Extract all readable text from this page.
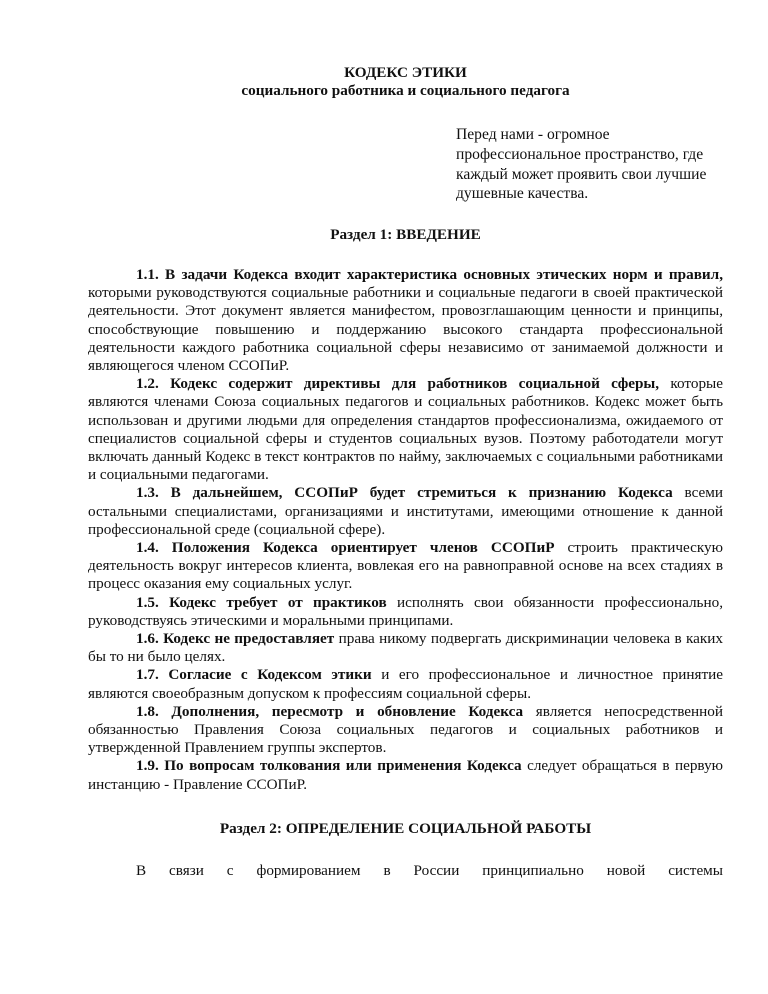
КОДЕКС ЭТИКИ

социального работника и социального педагога

Перед нами - огромное профессиональное пространство, где каждый может проявить свои лучшие душевные качества.

Раздел 1: ВВЕДЕНИЕ

1.1. В задачи Кодекса входит характеристика основных этических норм и правил, которыми руководствуются социальные работники и социальные педагоги в своей практической деятельности. Этот документ является манифестом, провозглашающим ценности и принципы, способствующие повышению и поддержанию высокого стандарта профессиональной деятельности каждого работника социальной сферы независимо от занимаемой должности и являющегося членом ССОПиР.

1.2. Кодекс содержит директивы для работников социальной сферы, которые являются членами Союза социальных педагогов и социальных работников. Кодекс может быть использован и другими людьми для определения стандартов профессионализма, ожидаемого от специалистов социальной сферы и студентов социальных вузов. Поэтому работодатели могут включать данный Кодекс в текст контрактов по найму, заключаемых с социальными работниками и социальными педагогами.

1.3. В дальнейшем, ССОПиР будет стремиться к признанию Кодекса всеми остальными специалистами, организациями и институтами, имеющими отношение к данной профессиональной среде (социальной сфере).

1.4. Положения Кодекса ориентирует членов ССОПиР строить практическую деятельность вокруг интересов клиента, вовлекая его на равноправной основе на всех стадиях в процесс оказания ему социальных услуг.

1.5. Кодекс требует от практиков исполнять свои обязанности профессионально, руководствуясь этическими и моральными принципами.

1.6. Кодекс не предоставляет права никому подвергать дискриминации человека в каких бы то ни было целях.

1.7. Согласие с Кодексом этики и его профессиональное и личностное принятие являются своеобразным допуском к профессиям социальной сферы.

1.8. Дополнения, пересмотр и обновление Кодекса является непосредственной обязанностью Правления Союза социальных педагогов и социальных работников и утвержденной Правлением группы экспертов.

1.9. По вопросам толкования или применения Кодекса следует обращаться в первую инстанцию - Правление ССОПиР.

Раздел 2: ОПРЕДЕЛЕНИЕ СОЦИАЛЬНОЙ РАБОТЫ

В связи с формированием в России принципиально новой системы
